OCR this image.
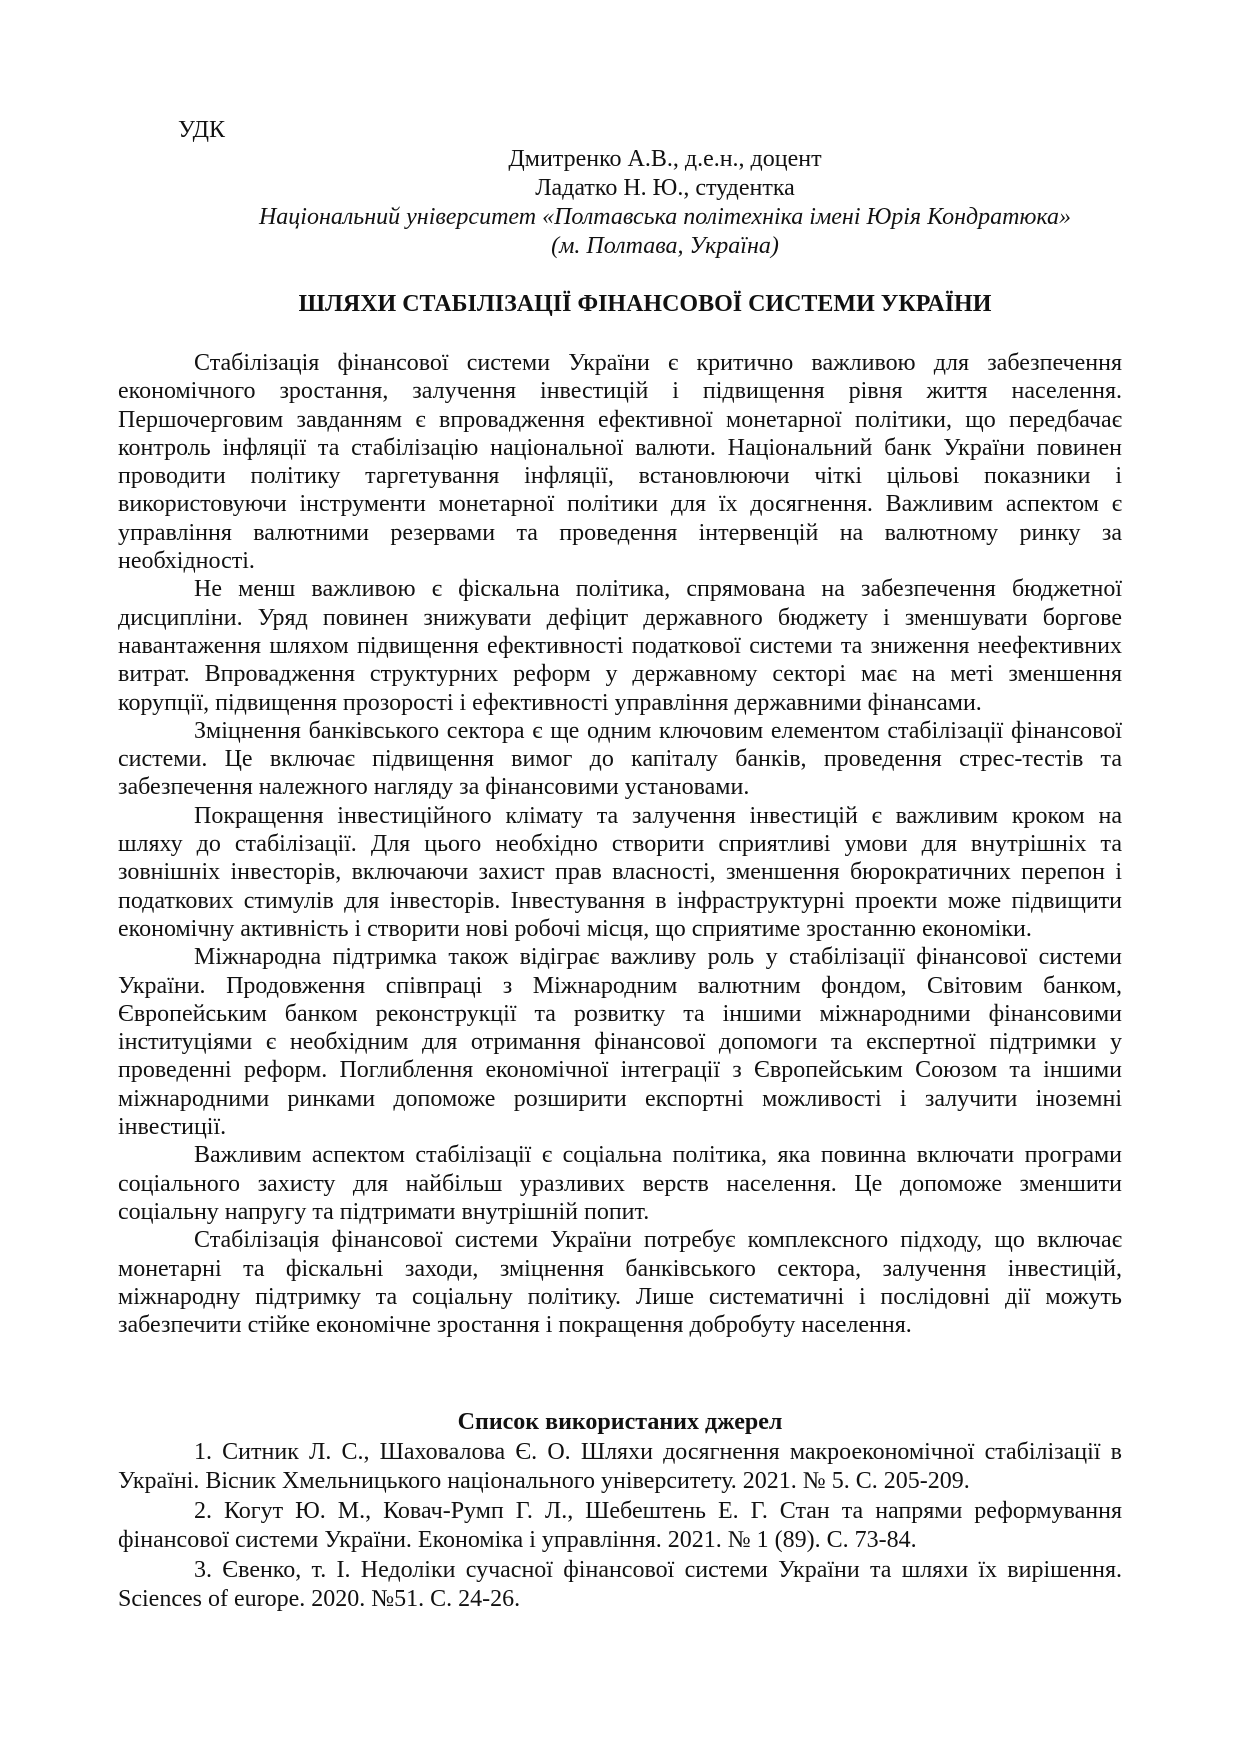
УДК
Дмитренко А.В., д.е.н., доцент
Ладатко Н. Ю., студентка
Національний університет «Полтавська політехніка імені Юрія Кондратюка»
(м. Полтава, Україна)
ШЛЯХИ СТАБІЛІЗАЦІЇ ФІНАНСОВОЇ СИСТЕМИ УКРАЇНИ

Стабілізація фінансової системи України є критично важливою для забезпечення економічного зростання, залучення інвестицій і підвищення рівня життя населення. Першочерговим завданням є впровадження ефективної монетарної політики, що передбачає контроль інфляції та стабілізацію національної валюти. Національний банк України повинен проводити політику таргетування інфляції, встановлюючи чіткі цільові показники і використовуючи інструменти монетарної політики для їх досягнення. Важливим аспектом є управління валютними резервами та проведення інтервенцій на валютному ринку за необхідності.

Не менш важливою є фіскальна політика, спрямована на забезпечення бюджетної дисципліни. Уряд повинен знижувати дефіцит державного бюджету і зменшувати боргове навантаження шляхом підвищення ефективності податкової системи та зниження неефективних витрат. Впровадження структурних реформ у державному секторі має на меті зменшення корупції, підвищення прозорості і ефективності управління державними фінансами.

Зміцнення банківського сектора є ще одним ключовим елементом стабілізації фінансової системи. Це включає підвищення вимог до капіталу банків, проведення стрес-тестів та забезпечення належного нагляду за фінансовими установами.

Покращення інвестиційного клімату та залучення інвестицій є важливим кроком на шляху до стабілізації. Для цього необхідно створити сприятливі умови для внутрішніх та зовнішніх інвесторів, включаючи захист прав власності, зменшення бюрократичних перепон і податкових стимулів для інвесторів. Інвестування в інфраструктурні проекти може підвищити економічну активність і створити нові робочі місця, що сприятиме зростанню економіки.

Міжнародна підтримка також відіграє важливу роль у стабілізації фінансової системи України. Продовження співпраці з Міжнародним валютним фондом, Світовим банком, Європейським банком реконструкції та розвитку та іншими міжнародними фінансовими інституціями є необхідним для отримання фінансової допомоги та експертної підтримки у проведенні реформ. Поглиблення економічної інтеграції з Європейським Союзом та іншими міжнародними ринками допоможе розширити експортні можливості і залучити іноземні інвестиції.

Важливим аспектом стабілізації є соціальна політика, яка повинна включати програми соціального захисту для найбільш уразливих верств населення. Це допоможе зменшити соціальну напругу та підтримати внутрішній попит.

Стабілізація фінансової системи України потребує комплексного підходу, що включає монетарні та фіскальні заходи, зміцнення банківського сектора, залучення інвестицій, міжнародну підтримку та соціальну політику. Лише систематичні і послідовні дії можуть забезпечити стійке економічне зростання і покращення добробуту населення.

Список використаних джерел

1. Ситник Л. С., Шаховалова Є. О. Шляхи досягнення макроекономічної стабілізації в Україні. Вісник Хмельницького національного університету. 2021. № 5. С. 205-209.

2. Когут Ю. М., Ковач-Румп Г. Л., Шебештень Е. Г. Стан та напрями реформування фінансової системи України. Економіка і управління. 2021. № 1 (89). С. 73-84.

3. Євенко, т. І. Недоліки сучасної фінансової системи України та шляхи їх вирішення. Sciences of europe. 2020. №51. С. 24-26.
